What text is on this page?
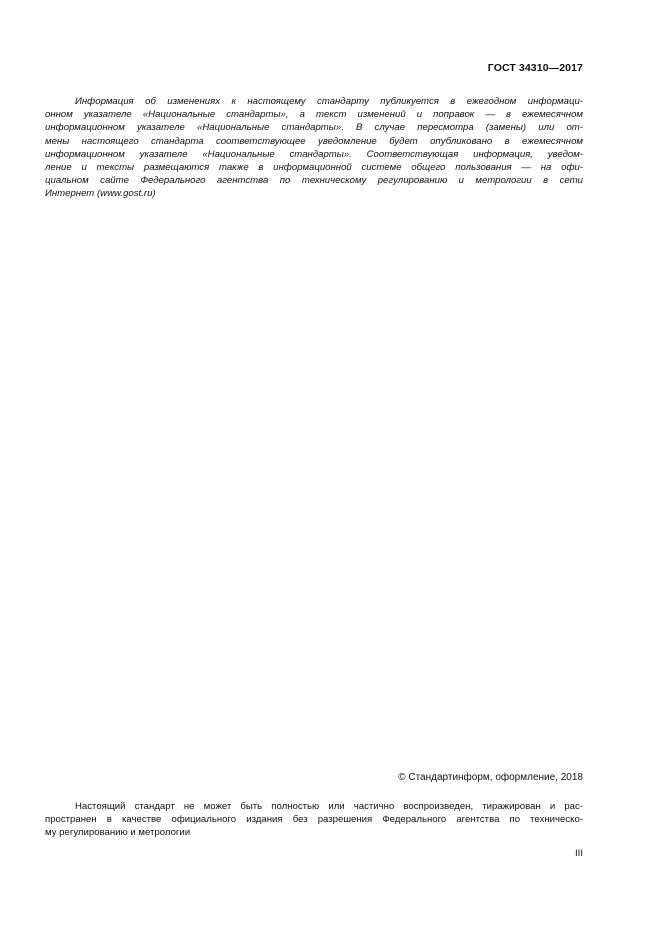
ГОСТ 34310—2017
Информация об изменениях к настоящему стандарту публикуется в ежегодном информаци-
онном указателе «Национальные стандарты», а текст изменений и поправок — в ежемесячном
информационном указателе «Национальные стандарты». В случае пересмотра (замены) или от-
мены настоящего стандарта соответствующее уведомление будет опубликовано в ежемесячном
информационном указателе «Национальные стандарты». Соответствующая информация, уведом-
ление и тексты размещаются также в информационной системе общего пользования — на офи-
циальном сайте Федерального агентства по техническому регулированию и метрологии в сети
Интернет (www.gost.ru)
© Стандартинформ, оформление, 2018
Настоящий стандарт не может быть полностью или частично воспроизведен, тиражирован и рас-
пространен в качестве официального издания без разрешения Федерального агентства по техническо-
му регулированию и метрологии
III
